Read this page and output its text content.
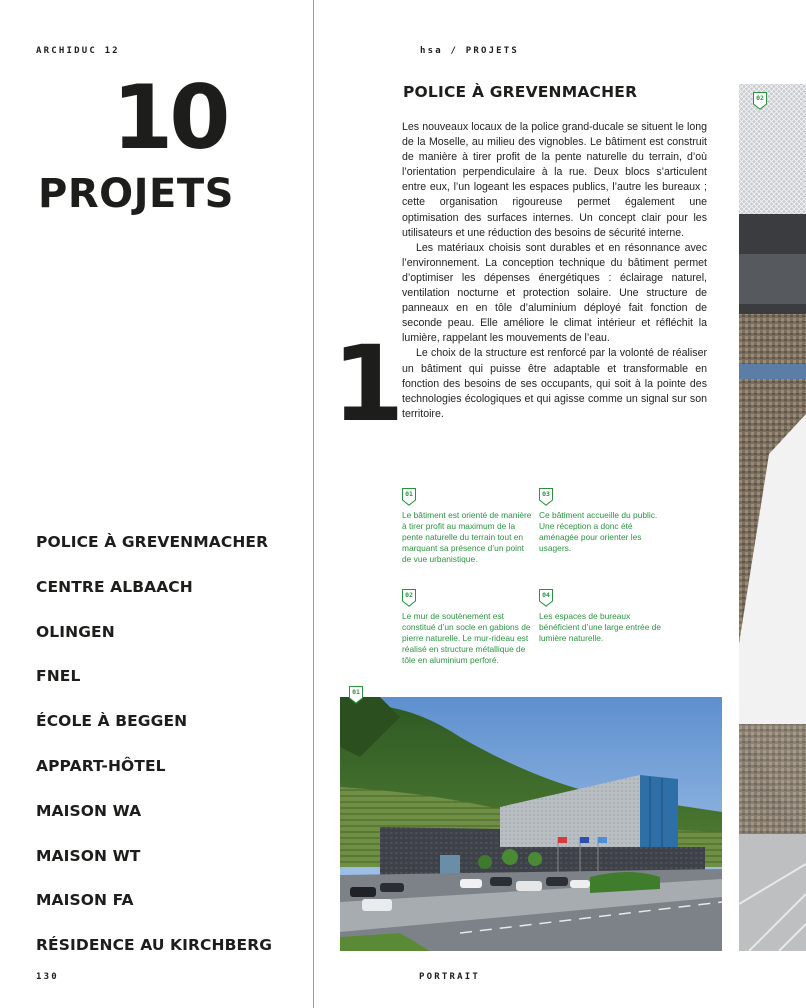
ARCHIDUC 12	hsa / PROJETS
10
PROJETS
POLICE À GREVENMACHER
CENTRE ALBAACH
OLINGEN
FNEL
ÉCOLE À BEGGEN
APPART-HÔTEL
MAISON WA
MAISON WT
MAISON FA
RÉSIDENCE AU KIRCHBERG
POLICE À GREVENMACHER

Les nouveaux locaux de la police grand-ducale se situent le long de la Moselle, au milieu des vignobles. Le bâtiment est construit de manière à tirer profit de la pente naturelle du terrain, d’où l’orientation perpendiculaire à la rue. Deux blocs s’articulent entre eux, l’un logeant les espaces publics, l’autre les bureaux ; cette organisation rigoureuse permet également une optimisation des surfaces internes. Un concept clair pour les utilisateurs et une réduction des besoins de sécurité interne.

Les matériaux choisis sont durables et en résonnance avec l’environnement. La conception technique du bâtiment permet d’optimiser les dépenses énergétiques : éclairage naturel, ventilation nocturne et protection solaire. Une structure de panneaux en en tôle d’aluminium déployé fait fonction de seconde peau. Elle améliore le climat intérieur et réfléchit la lumière, rappelant les mouvements de l’eau.

Le choix de la structure est renforcé par la volonté de réaliser un bâtiment qui puisse être adaptable et transformable en fonction des besoins de ses occupants, qui soit à la pointe des technologies écologiques et qui agisse comme un signal sur son territoire.

1
01
Le bâtiment est orienté de manière à tirer profit au maximum de la pente naturelle du terrain tout en marquant sa présence d’un point de vue urbanistique.
03
Ce bâtiment accueille du public. Une réception a donc été aménagée pour orienter les usagers.
02
Le mur de soutènement est constitué d’un socle en gabions de pierre naturelle. Le mur-rideau est réalisé en structure métallique de tôle en aluminium perforé.
04
Les espaces de bureaux bénéficient d’une large entrée de lumière naturelle.
01
02
130	PORTRAIT
